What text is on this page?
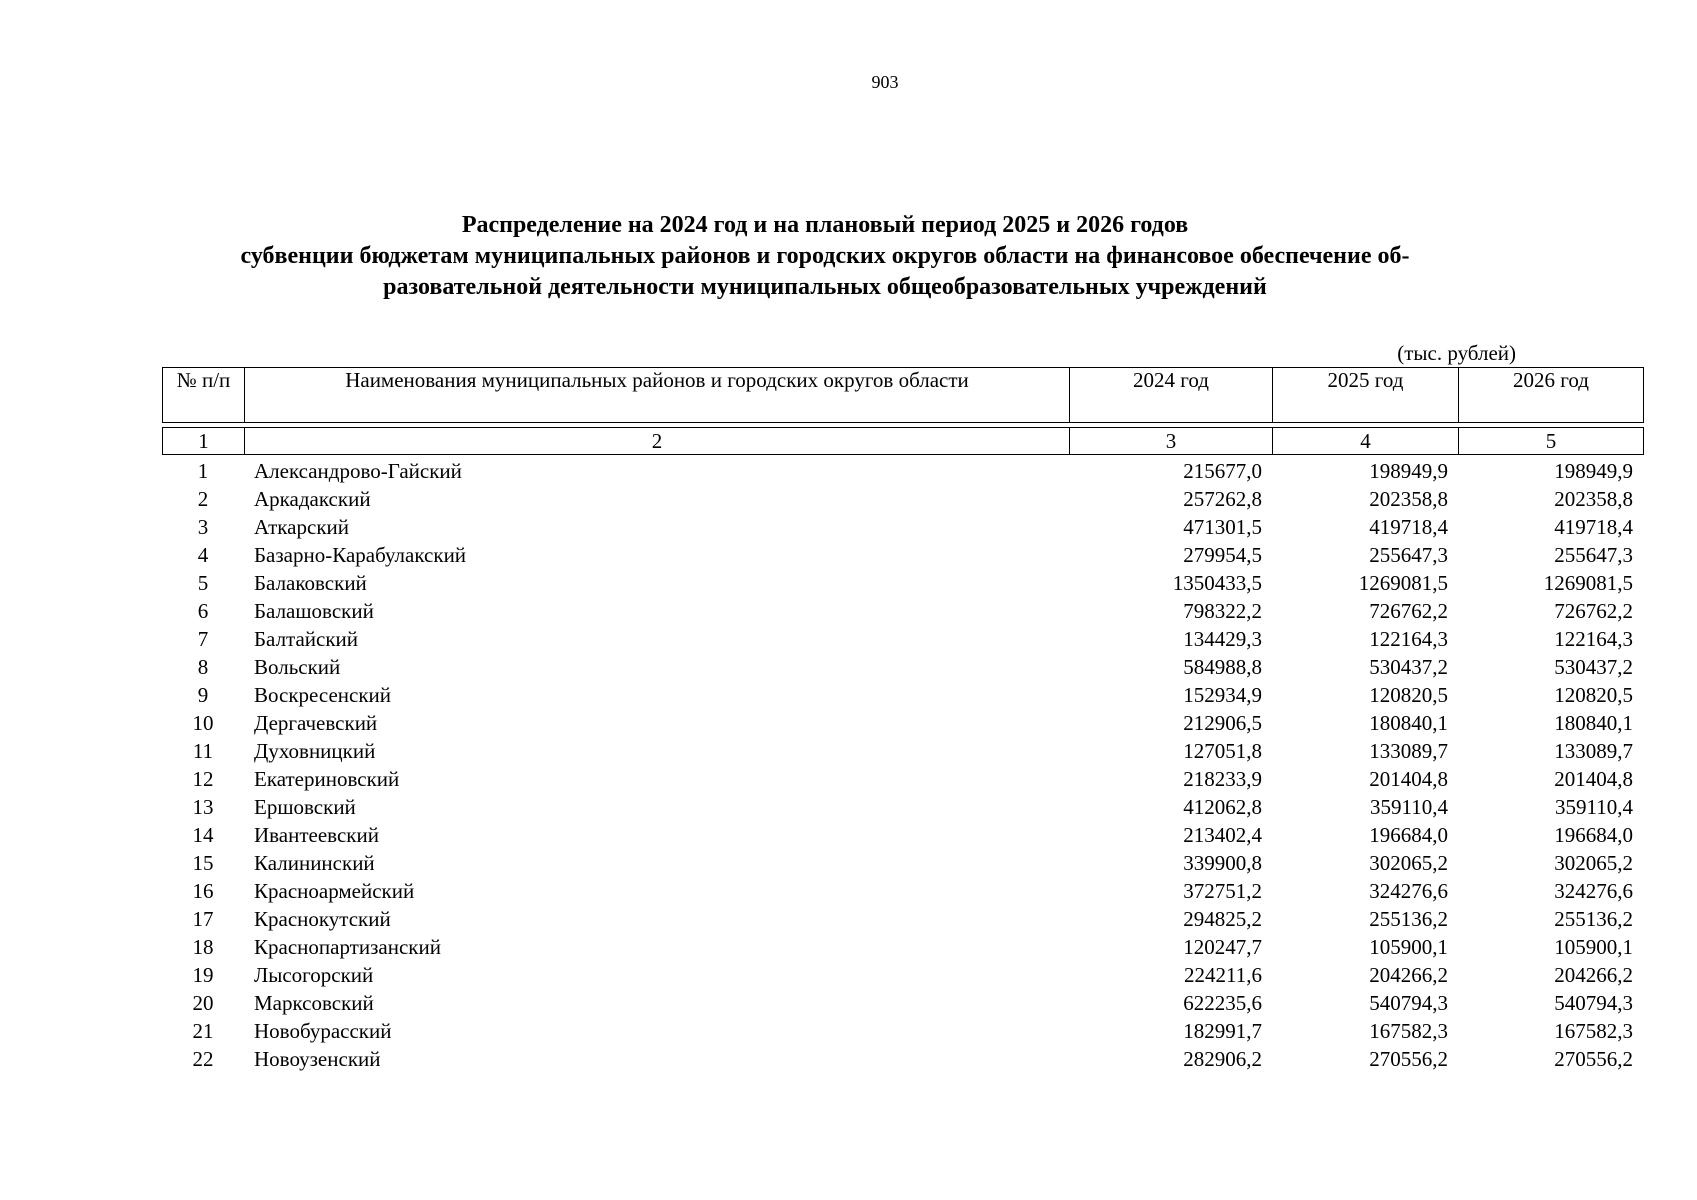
903
Распределение на 2024 год и на плановый период 2025 и 2026 годов
субвенции бюджетам муниципальных районов и городских округов области на финансовое обеспечение об-
разовательной деятельности муниципальных общеобразовательных учреждений
(тыс. рублей)
№ п/п	Наименования муниципальных районов и городских округов области	2024 год	2025 год	2026 год
1	2	3	4	5
1	Александрово-Гайский	215677,0	198949,9	198949,9
2	Аркадакский	257262,8	202358,8	202358,8
3	Аткарский	471301,5	419718,4	419718,4
4	Базарно-Карабулакский	279954,5	255647,3	255647,3
5	Балаковский	1350433,5	1269081,5	1269081,5
6	Балашовский	798322,2	726762,2	726762,2
7	Балтайский	134429,3	122164,3	122164,3
8	Вольский	584988,8	530437,2	530437,2
9	Воскресенский	152934,9	120820,5	120820,5
10	Дергачевский	212906,5	180840,1	180840,1
11	Духовницкий	127051,8	133089,7	133089,7
12	Екатериновский	218233,9	201404,8	201404,8
13	Ершовский	412062,8	359110,4	359110,4
14	Ивантеевский	213402,4	196684,0	196684,0
15	Калининский	339900,8	302065,2	302065,2
16	Красноармейский	372751,2	324276,6	324276,6
17	Краснокутский	294825,2	255136,2	255136,2
18	Краснопартизанский	120247,7	105900,1	105900,1
19	Лысогорский	224211,6	204266,2	204266,2
20	Марксовский	622235,6	540794,3	540794,3
21	Новобурасский	182991,7	167582,3	167582,3
22	Новоузенский	282906,2	270556,2	270556,2
